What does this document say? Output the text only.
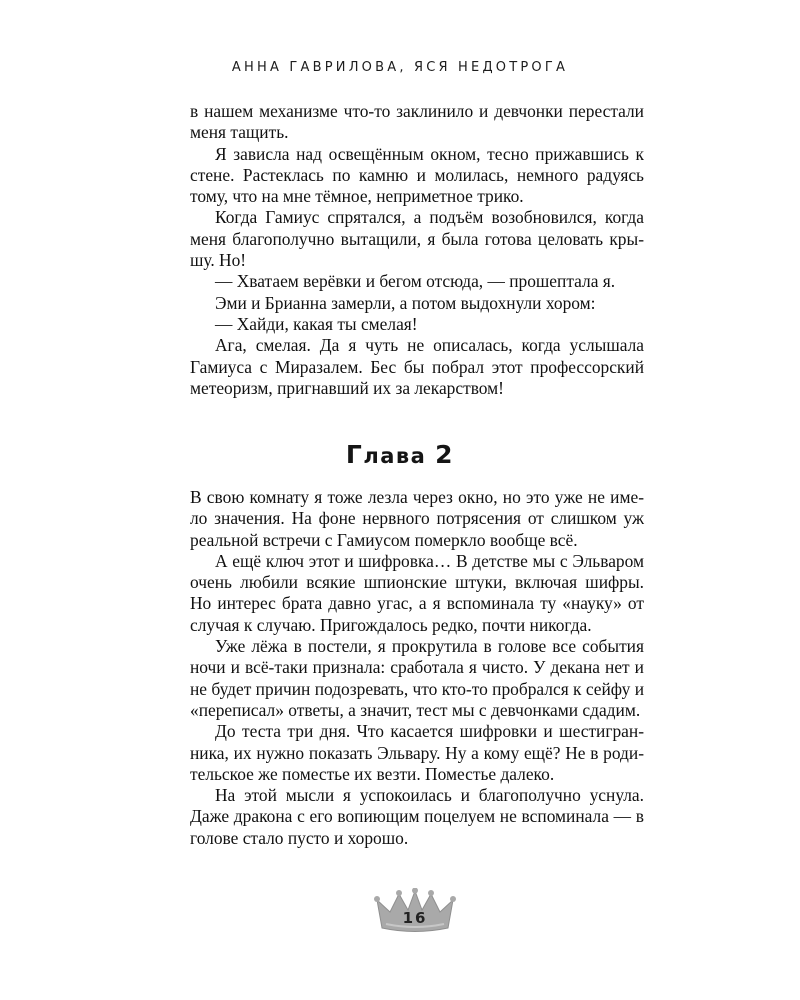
АННА ГАВРИЛОВА, ЯСЯ НЕДОТРОГА

в нашем механизме что-то заклинило и девчонки перестали меня тащить.

Я зависла над освещённым окном, тесно прижавшись к стене. Растеклась по камню и молилась, немного радуясь тому, что на мне тёмное, неприметное трико.

Когда Гамиус спрятался, а подъём возобновился, когда меня благополучно вытащили, я была готова целовать крышу. Но!

— Хватаем верёвки и бегом отсюда, — прошептала я.

Эми и Брианна замерли, а потом выдохнули хором:

— Хайди, какая ты смелая!

Ага, смелая. Да я чуть не описалась, когда услышала Гамиуса с Миразалем. Бес бы побрал этот профессорский метеоризм, пригнавший их за лекарством!

Глава 2

В свою комнату я тоже лезла через окно, но это уже не имело значения. На фоне нервного потрясения от слишком уж реальной встречи с Гамиусом померкло вообще всё.

А ещё ключ этот и шифровка… В детстве мы с Эльваром очень любили всякие шпионские штуки, включая шифры. Но интерес брата давно угас, а я вспоминала ту «науку» от случая к случаю. Пригождалось редко, почти никогда.

Уже лёжа в постели, я прокрутила в голове все события ночи и всё-таки признала: сработала я чисто. У декана нет и не будет причин подозревать, что кто-то пробрался к сейфу и «переписал» ответы, а значит, тест мы с девчонками сдадим.

До теста три дня. Что касается шифровки и шестигранника, их нужно показать Эльвару. Ну а кому ещё? Не в родительское же поместье их везти. Поместье далеко.

На этой мысли я успокоилась и благополучно уснула. Даже дракона с его вопиющим поцелуем не вспоминала — в голове стало пусто и хорошо.

16
